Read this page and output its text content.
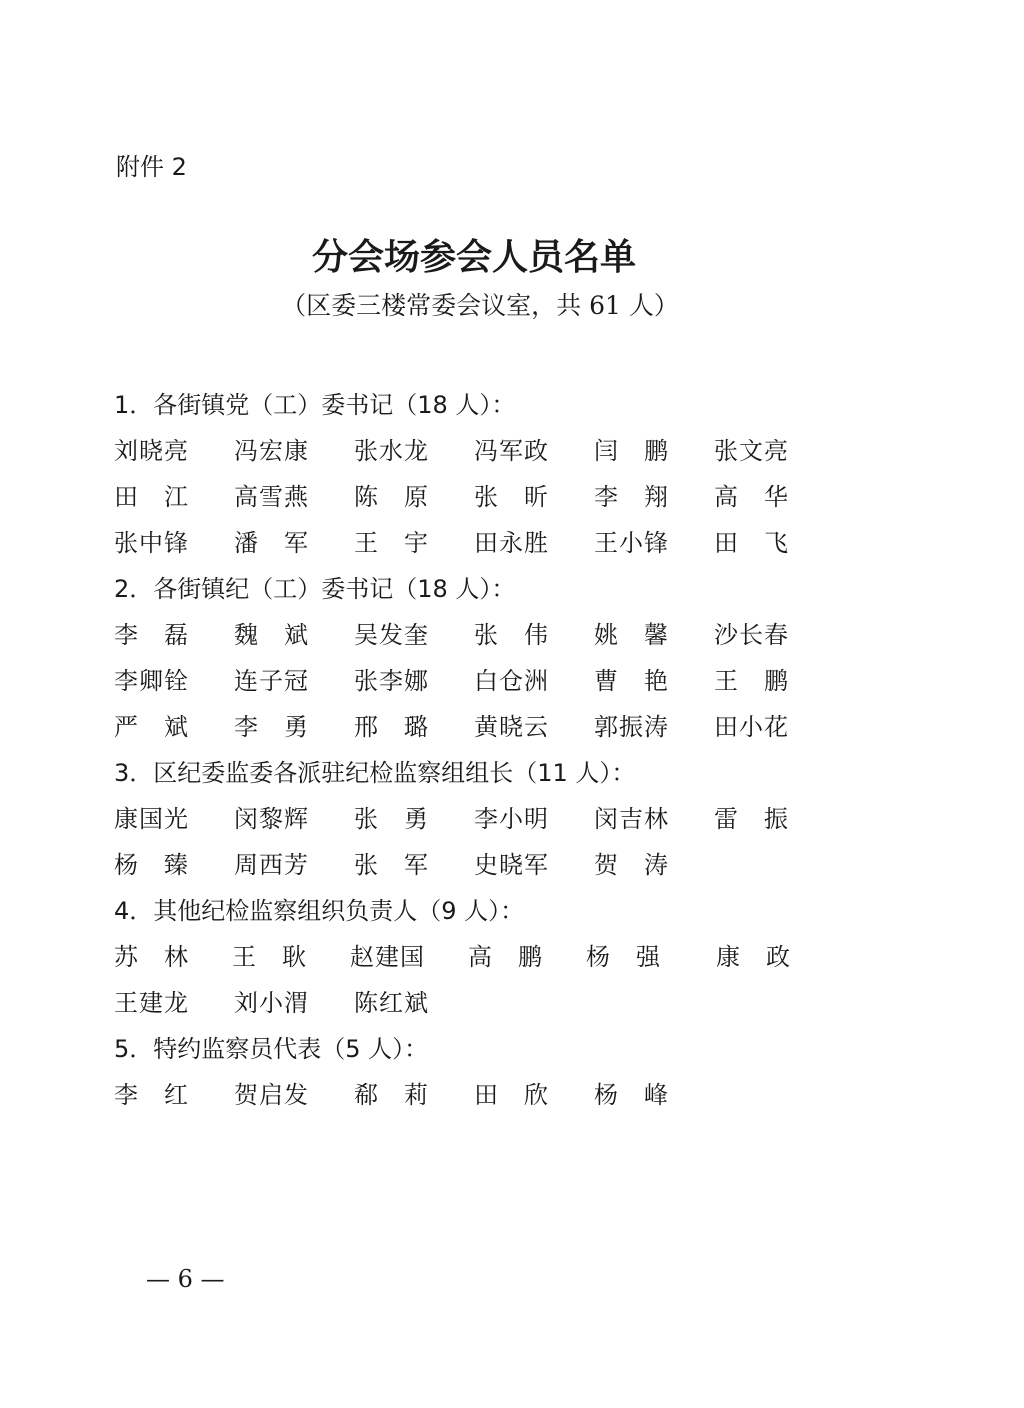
附件 2
分会场参会人员名单
（区委三楼常委会议室，共 61 人）
1．各街镇党（工）委书记（18 人）：
刘晓亮	冯宏康	张水龙	冯军政	闫　鹏	张文亮
田　江	高雪燕	陈　原	张　昕	李　翔	高　华
张中锋	潘　军	王　宇	田永胜	王小锋	田　飞
2．各街镇纪（工）委书记（18 人）：
李　磊	魏　斌	吴发奎	张　伟	姚　馨	沙长春
李卿铨	连子冠	张李娜	白仓洲	曹　艳	王　鹏
严　斌	李　勇	邢　璐	黄晓云	郭振涛	田小花
3．区纪委监委各派驻纪检监察组组长（11 人）：
康国光	闵黎辉	张　勇	李小明	闵吉林	雷　振
杨　臻	周西芳	张　军	史晓军	贺　涛
4．其他纪检监察组织负责人（9 人）：
苏　林	王　耿	赵建国	高　鹏	杨　强	康　政
王建龙	刘小渭	陈红斌
5．特约监察员代表（5 人）：
李　红	贺启发	郗　莉	田　欣	杨　峰
— 6 —
